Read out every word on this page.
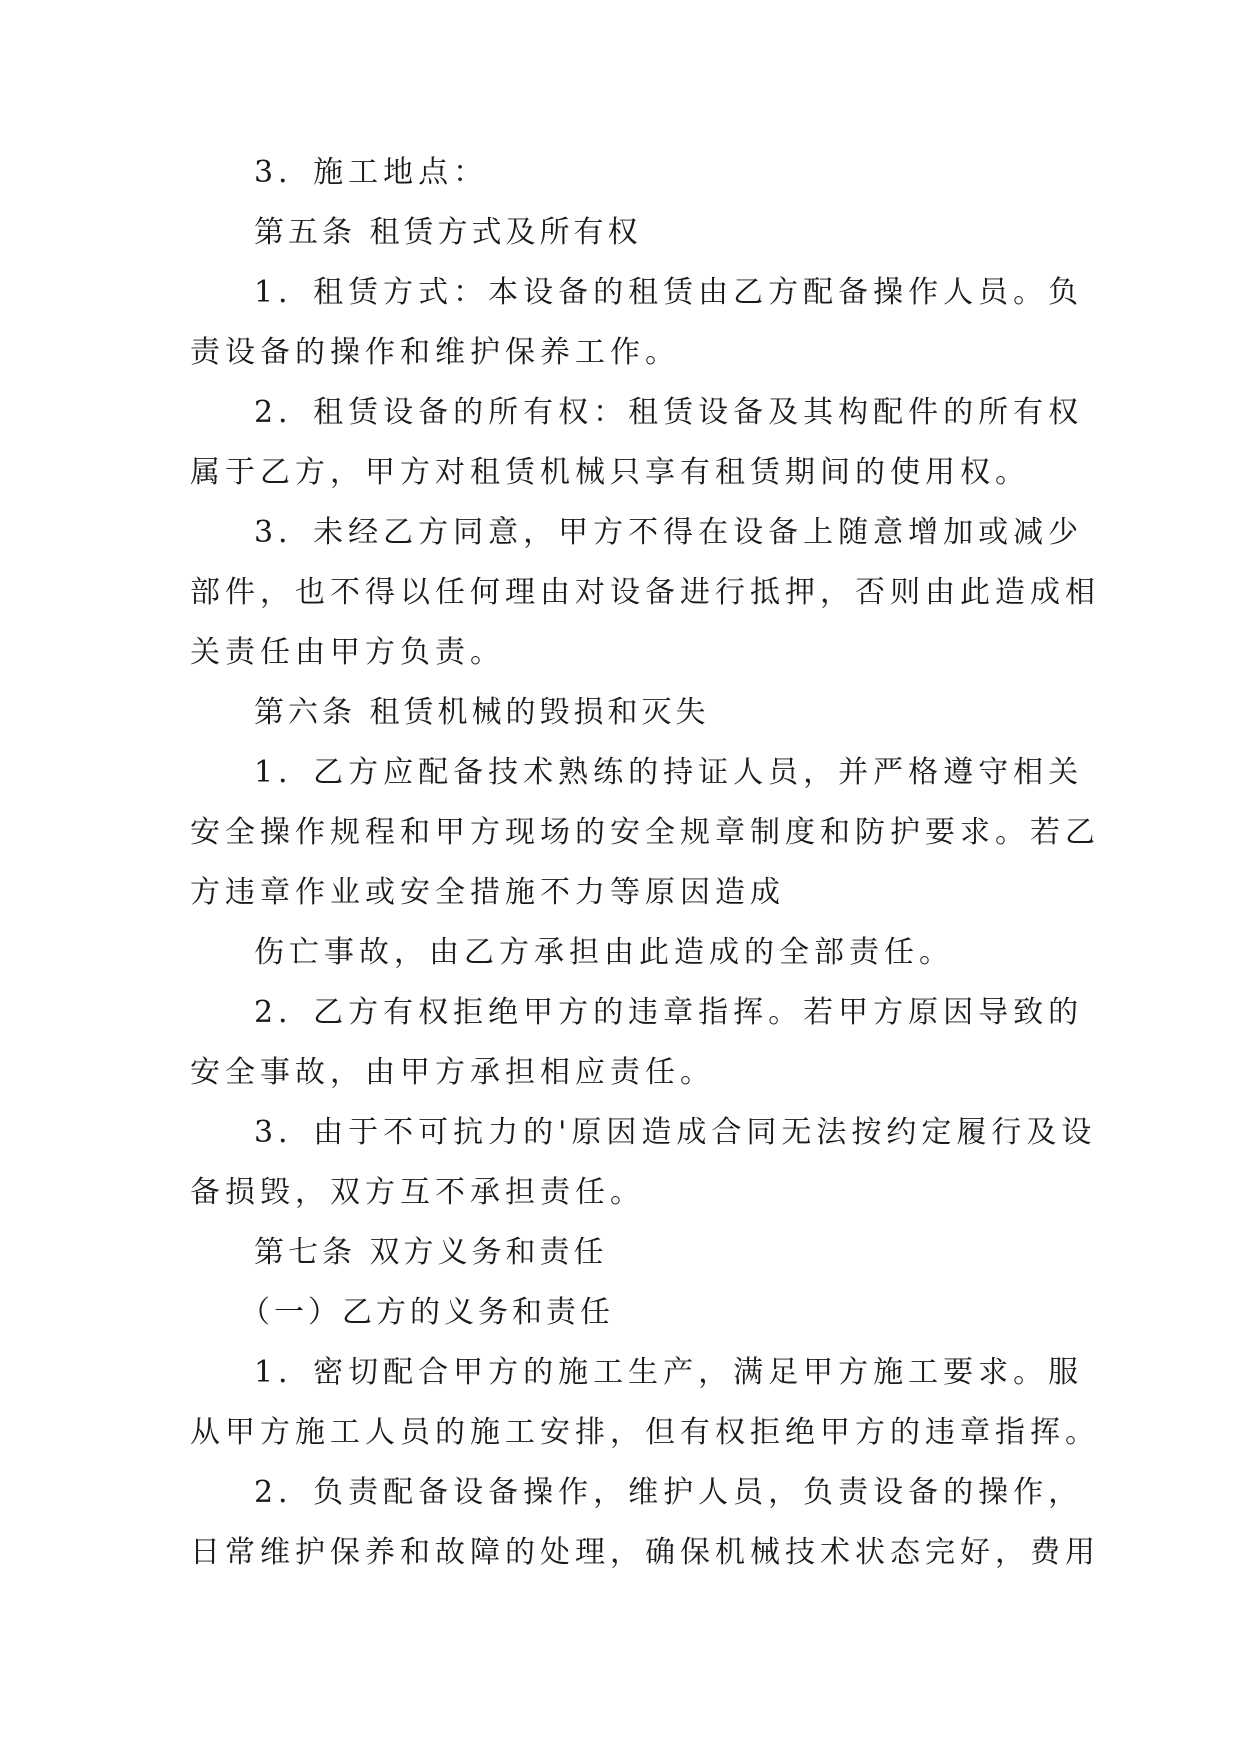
3．施工地点：
第五条 租赁方式及所有权
1．租赁方式：本设备的租赁由乙方配备操作人员。负
责设备的操作和维护保养工作。
2．租赁设备的所有权：租赁设备及其构配件的所有权
属于乙方，甲方对租赁机械只享有租赁期间的使用权。
3．未经乙方同意，甲方不得在设备上随意增加或减少
部件，也不得以任何理由对设备进行抵押，否则由此造成相
关责任由甲方负责。
第六条 租赁机械的毁损和灭失
1．乙方应配备技术熟练的持证人员，并严格遵守相关
安全操作规程和甲方现场的安全规章制度和防护要求。若乙
方违章作业或安全措施不力等原因造成
伤亡事故，由乙方承担由此造成的全部责任。
2．乙方有权拒绝甲方的违章指挥。若甲方原因导致的
安全事故，由甲方承担相应责任。
3．由于不可抗力的'原因造成合同无法按约定履行及设
备损毁，双方互不承担责任。
第七条 双方义务和责任
（一）乙方的义务和责任
1．密切配合甲方的施工生产，满足甲方施工要求。服
从甲方施工人员的施工安排，但有权拒绝甲方的违章指挥。
2．负责配备设备操作，维护人员，负责设备的操作，
日常维护保养和故障的处理，确保机械技术状态完好，费用
